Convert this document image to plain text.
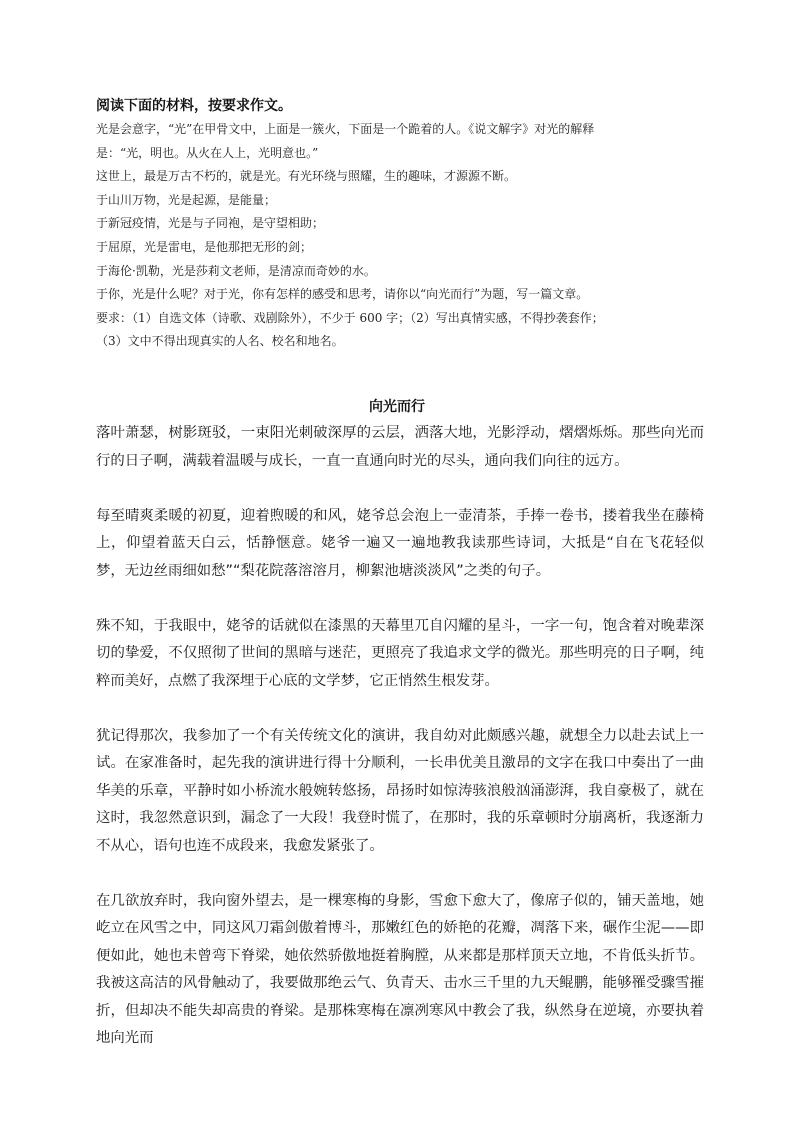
阅读下面的材料，按要求作文。
光是会意字，“光”在甲骨文中，上面是一簇火，下面是一个跪着的人。《说文解字》对光的解释
是：“光，明也。从火在人上，光明意也。”
这世上，最是万古不朽的，就是光。有光环绕与照耀，生的趣味，才源源不断。
于山川万物，光是起源，是能量；
于新冠疫情，光是与子同袍，是守望相助；
于屈原，光是雷电，是他那把无形的剑；
于海伦·凯勒，光是莎莉文老师，是清凉而奇妙的水。
于你，光是什么呢？对于光，你有怎样的感受和思考，请你以“向光而行”为题，写一篇文章。
要求：（1）自选文体（诗歌、戏剧除外），不少于 600 字；（2）写出真情实感，不得抄袭套作；
（3）文中不得出现真实的人名、校名和地名。
向光而行

落叶萧瑟，树影斑驳，一束阳光刺破深厚的云层，洒落大地，光影浮动，熠熠烁烁。那些向光而行的日子啊，满载着温暖与成长，一直一直通向时光的尽头，通向我们向往的远方。

每至晴爽柔暖的初夏，迎着煦暖的和风，姥爷总会泡上一壶清茶，手捧一卷书，搂着我坐在藤椅上，仰望着蓝天白云，恬静惬意。姥爷一遍又一遍地教我读那些诗词，大抵是“自在飞花轻似梦，无边丝雨细如愁”“梨花院落溶溶月，柳絮池塘淡淡风”之类的句子。

殊不知，于我眼中，姥爷的话就似在漆黑的天幕里兀自闪耀的星斗，一字一句，饱含着对晚辈深切的挚爱，不仅照彻了世间的黑暗与迷茫，更照亮了我追求文学的微光。那些明亮的日子啊，纯粹而美好，点燃了我深埋于心底的文学梦，它正悄然生根发芽。

犹记得那次，我参加了一个有关传统文化的演讲，我自幼对此颇感兴趣，就想全力以赴去试上一试。在家准备时，起先我的演讲进行得十分顺利，一长串优美且激昂的文字在我口中奏出了一曲华美的乐章，平静时如小桥流水般婉转悠扬，昂扬时如惊涛骇浪般汹涌澎湃，我自豪极了，就在这时，我忽然意识到，漏念了一大段！我登时慌了，在那时，我的乐章顿时分崩离析，我逐渐力不从心，语句也连不成段来，我愈发紧张了。

在几欲放弃时，我向窗外望去，是一棵寒梅的身影，雪愈下愈大了，像席子似的，铺天盖地，她屹立在风雪之中，同这风刀霜剑傲着博斗，那嫩红色的娇艳的花瓣，凋落下来，碾作尘泥——即便如此，她也未曾弯下脊梁，她依然骄傲地挺着胸膛，从来都是那样顶天立地，不肯低头折节。我被这高洁的风骨触动了，我要做那绝云气、负青天、击水三千里的九天鲲鹏，能够罹受骤雪摧折，但却决不能失却高贵的脊梁。是那株寒梅在凛冽寒风中教会了我，纵然身在逆境，亦要执着地向光而
